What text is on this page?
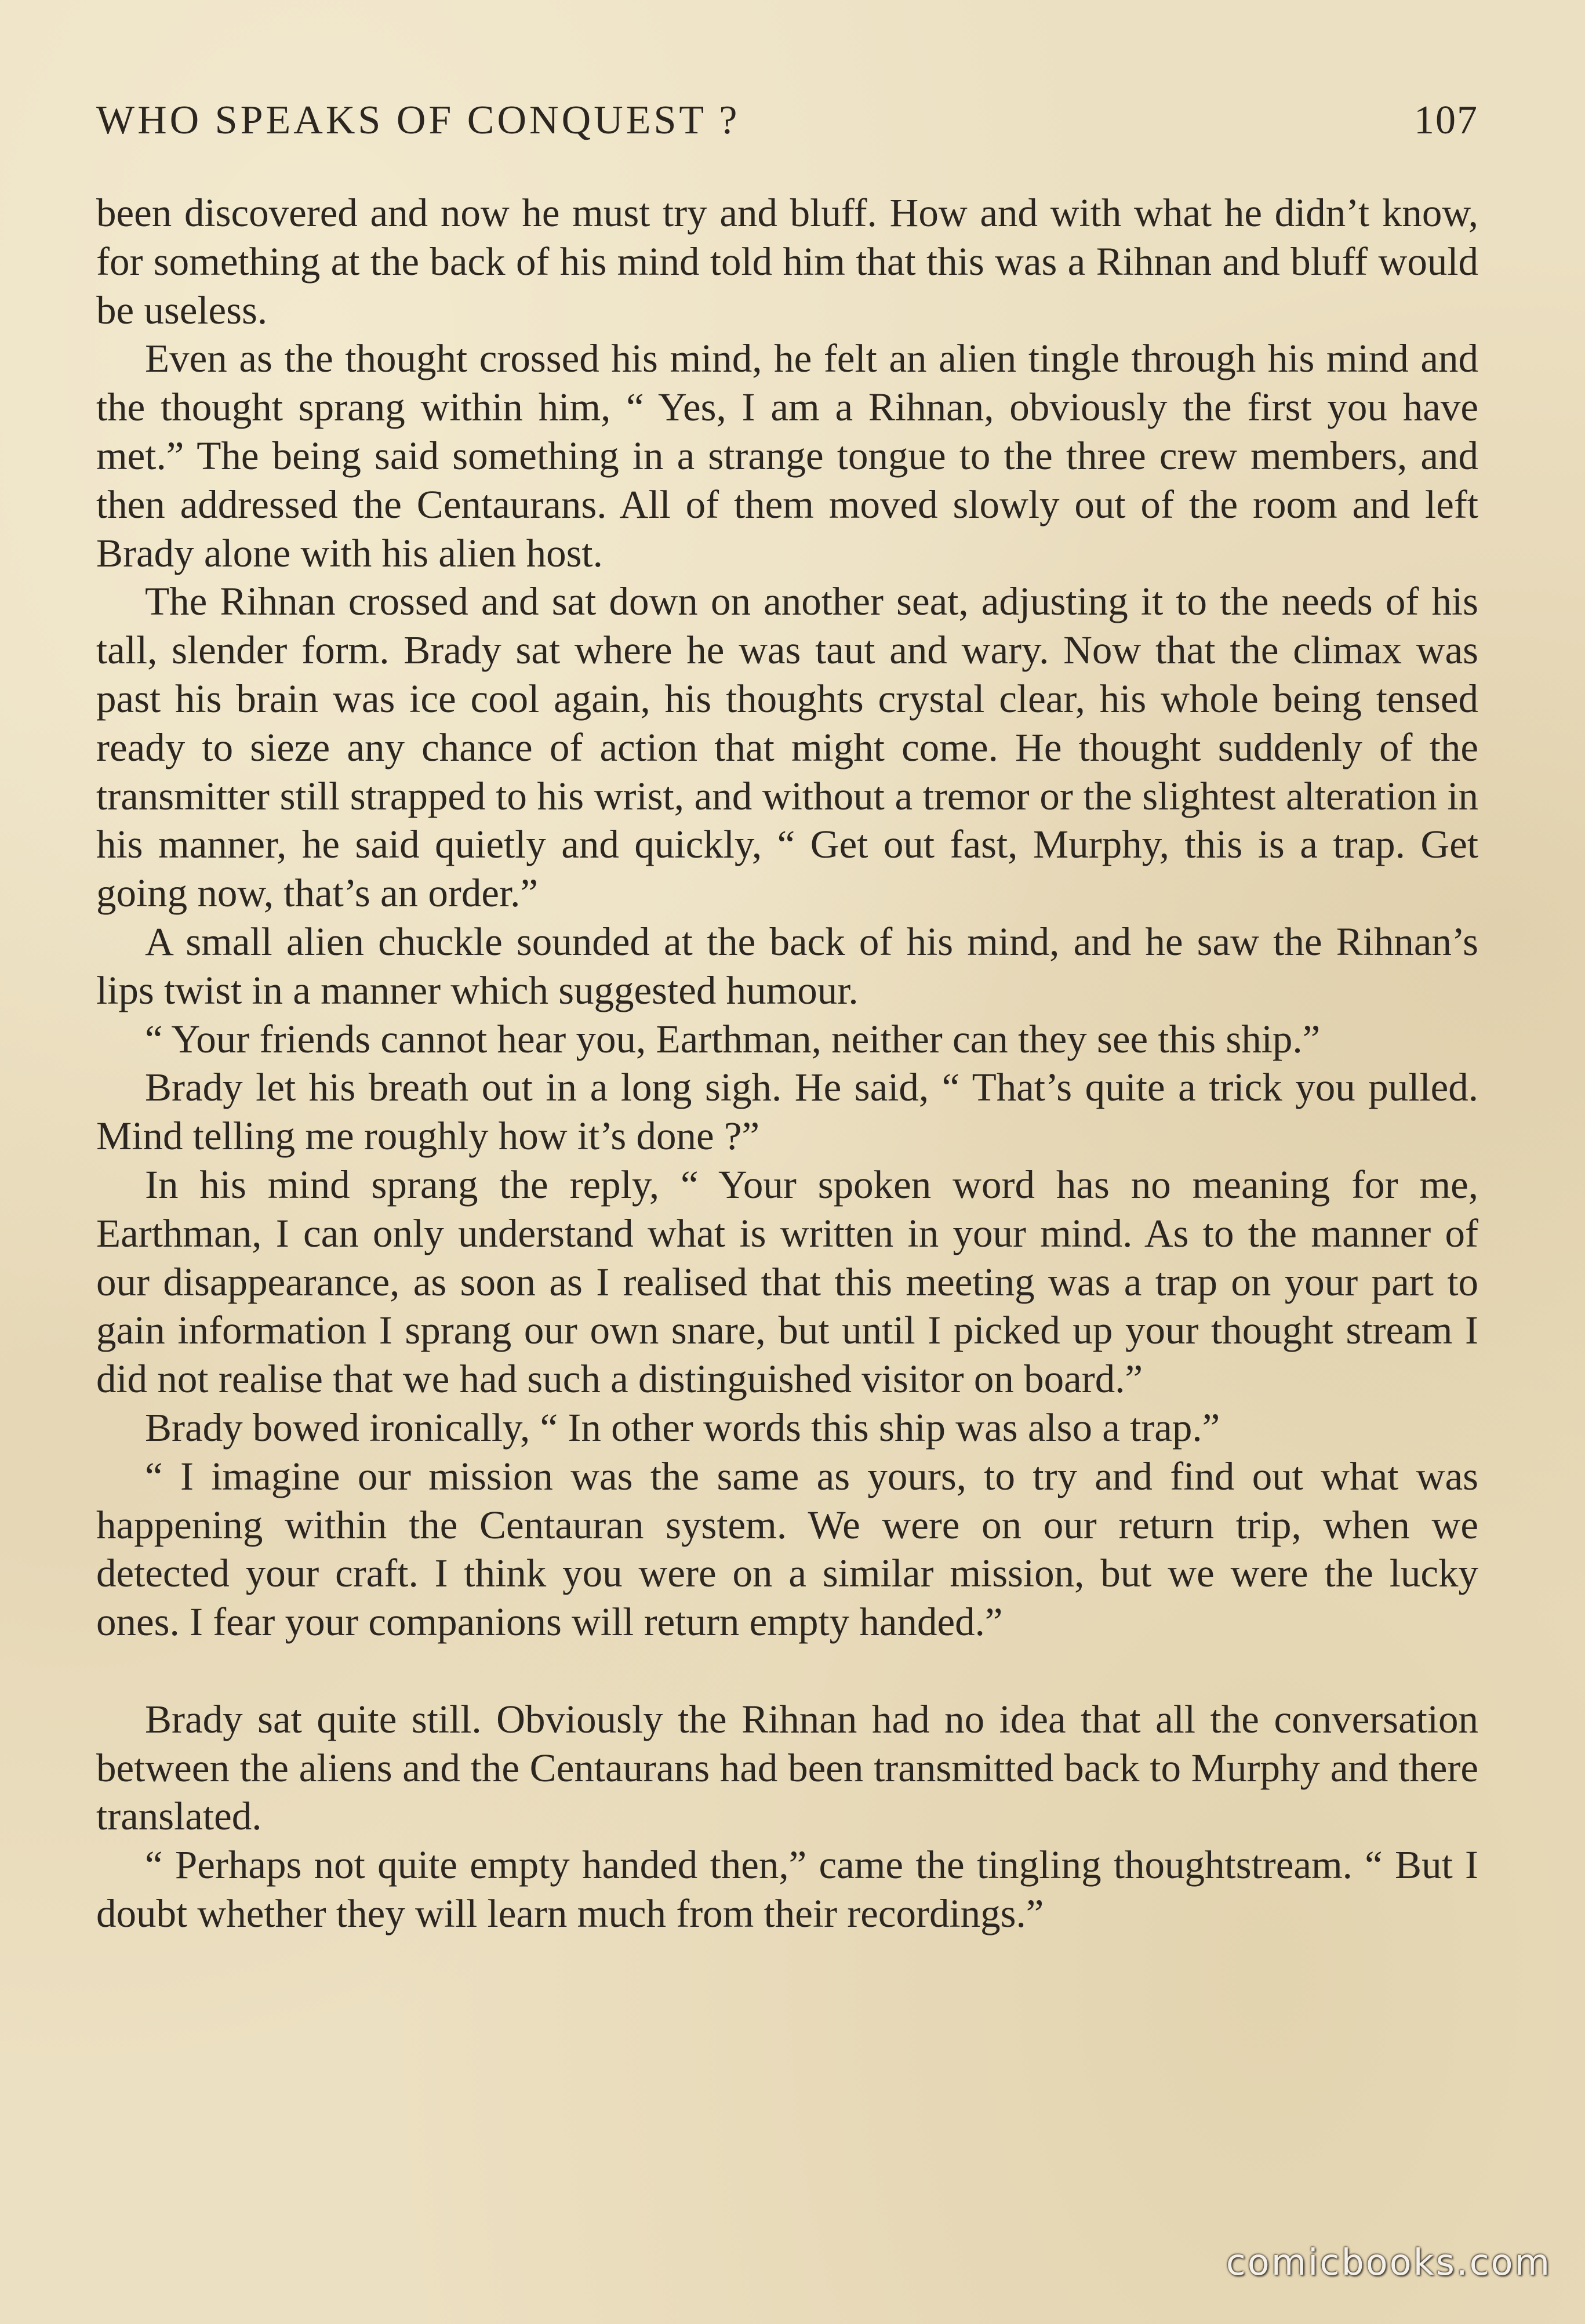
WHO SPEAKS OF CONQUEST ?	107

been discovered and now he must try and bluff. How and with what he didn’t know, for something at the back of his mind told him that this was a Rihnan and bluff would be useless.

Even as the thought crossed his mind, he felt an alien tingle through his mind and the thought sprang within him, “ Yes, I am a Rihnan, obviously the first you have met.” The being said something in a strange tongue to the three crew members, and then addressed the Centaurans. All of them moved slowly out of the room and left Brady alone with his alien host.

The Rihnan crossed and sat down on another seat, adjusting it to the needs of his tall, slender form. Brady sat where he was taut and wary. Now that the climax was past his brain was ice cool again, his thoughts crystal clear, his whole being tensed ready to sieze any chance of action that might come. He thought suddenly of the transmitter still strapped to his wrist, and without a tremor or the slightest alteration in his manner, he said quietly and quickly, “ Get out fast, Murphy, this is a trap. Get going now, that’s an order.”

A small alien chuckle sounded at the back of his mind, and he saw the Rihnan’s lips twist in a manner which suggested humour.

“ Your friends cannot hear you, Earthman, neither can they see this ship.”

Brady let his breath out in a long sigh. He said, “ That’s quite a trick you pulled. Mind telling me roughly how it’s done ?”

In his mind sprang the reply, “ Your spoken word has no meaning for me, Earthman, I can only understand what is written in your mind. As to the manner of our disappearance, as soon as I realised that this meeting was a trap on your part to gain information I sprang our own snare, but until I picked up your thought stream I did not realise that we had such a distinguished visitor on board.”

Brady bowed ironically, “ In other words this ship was also a trap.”

“ I imagine our mission was the same as yours, to try and find out what was happening within the Centauran system. We were on our return trip, when we detected your craft. I think you were on a similar mission, but we were the lucky ones. I fear your companions will return empty handed.”

Brady sat quite still. Obviously the Rihnan had no idea that all the conversation between the aliens and the Centaurans had been transmitted back to Murphy and there translated.

“ Perhaps not quite empty handed then,” came the tingling thoughtstream. “ But I doubt whether they will learn much from their recordings.”

comicbooks.com
